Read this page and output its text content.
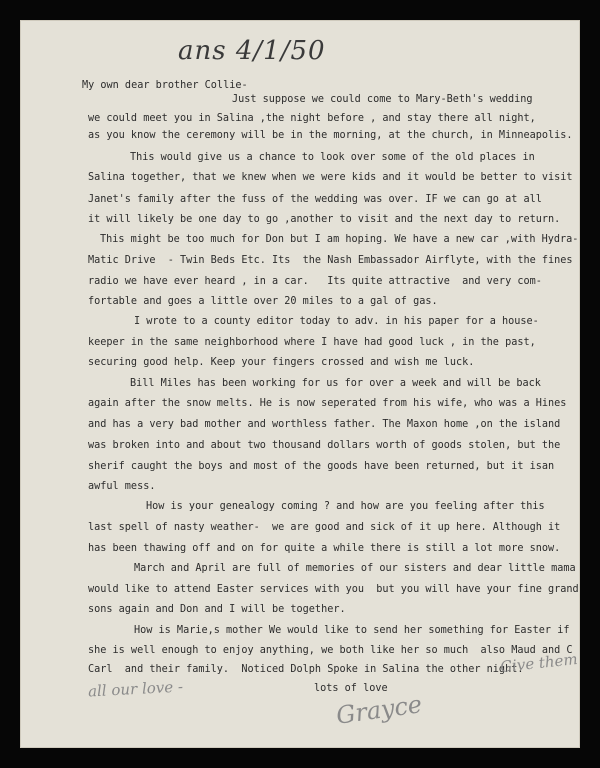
ans 4/1/50
My own dear brother Collie-
Just suppose we could come to Mary-Beth's wedding
we could meet you in Salina ,the night before , and stay there all night,
as you know the ceremony will be in the morning, at the church, in Minneapolis.
This would give us a chance to look over some of the old places in
Salina together, that we knew when we were kids and it would be better to visit
Janet's family after the fuss of the wedding was over. IF we can go at all
it will likely be one day to go ,another to visit and the next day to return.
This might be too much for Don but I am hoping. We have a new car ,with Hydra-
Matic Drive  - Twin Beds Etc. Its  the Nash Embassador Airflyte, with the fines
radio we have ever heard , in a car.   Its quite attractive  and very com-
fortable and goes a little over 20 miles to a gal of gas.
I wrote to a county editor today to adv. in his paper for a house-
keeper in the same neighborhood where I have had good luck , in the past,
securing good help. Keep your fingers crossed and wish me luck.
Bill Miles has been working for us for over a week and will be back
again after the snow melts. He is now seperated from his wife, who was a Hines
and has a very bad mother and worthless father. The Maxon home ,on the island
was broken into and about two thousand dollars worth of goods stolen, but the
sherif caught the boys and most of the goods have been returned, but it isan
awful mess.
How is your genealogy coming ? and how are you feeling after this
last spell of nasty weather-  we are good and sick of it up here. Although it
has been thawing off and on for quite a while there is still a lot more snow.
March and April are full of memories of our sisters and dear little mama
would like to attend Easter services with you  but you will have your fine grand
sons again and Don and I will be together.
How is Marie,s mother We would like to send her something for Easter if
she is well enough to enjoy anything, we both like her so much  also Maud and C
Carl  and their family.  Noticed Dolph Spoke in Salina the other night.
Give them
all our love -	lots of love
Grayce
